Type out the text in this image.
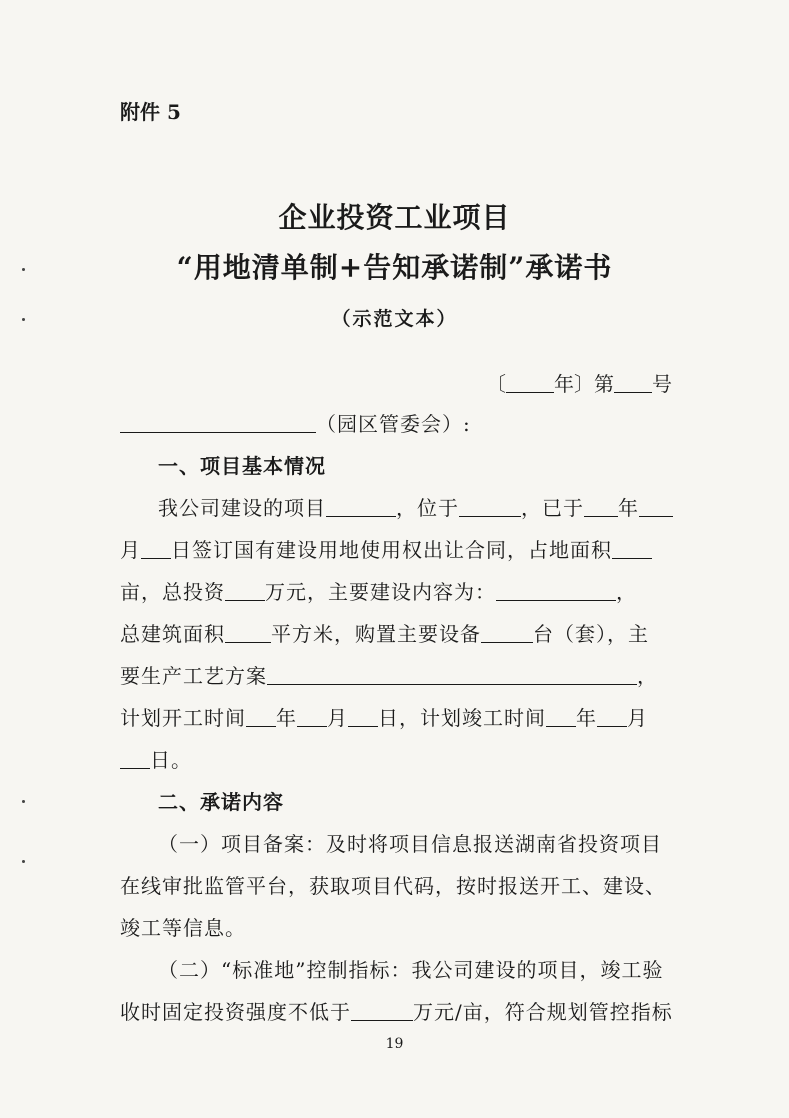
附件 5
企业投资工业项目
“用地清单制+告知承诺制”承诺书
（示范文本）
〔 年〕第 号
（园区管委会）:
一、项目基本情况
我公司建设的项目	，位于	，已于 年
月 日签订国有建设用地使用权出让合同，占地面积
亩，总投资 万元，主要建设内容为：	，
总建筑面积 平方米，购置主要设备	台（套），主
要生产工艺方案	，
计划开工时间 年 月 日，计划竣工时间 年 月
日。
二、承诺内容
（一）项目备案：及时将项目信息报送湖南省投资项目
在线审批监管平台，获取项目代码，按时报送开工、建设、
竣工等信息。
（二）“标准地”控制指标：我公司建设的项目，竣工验
收时固定投资强度不低于	万元/亩，符合规划管控指标
19
